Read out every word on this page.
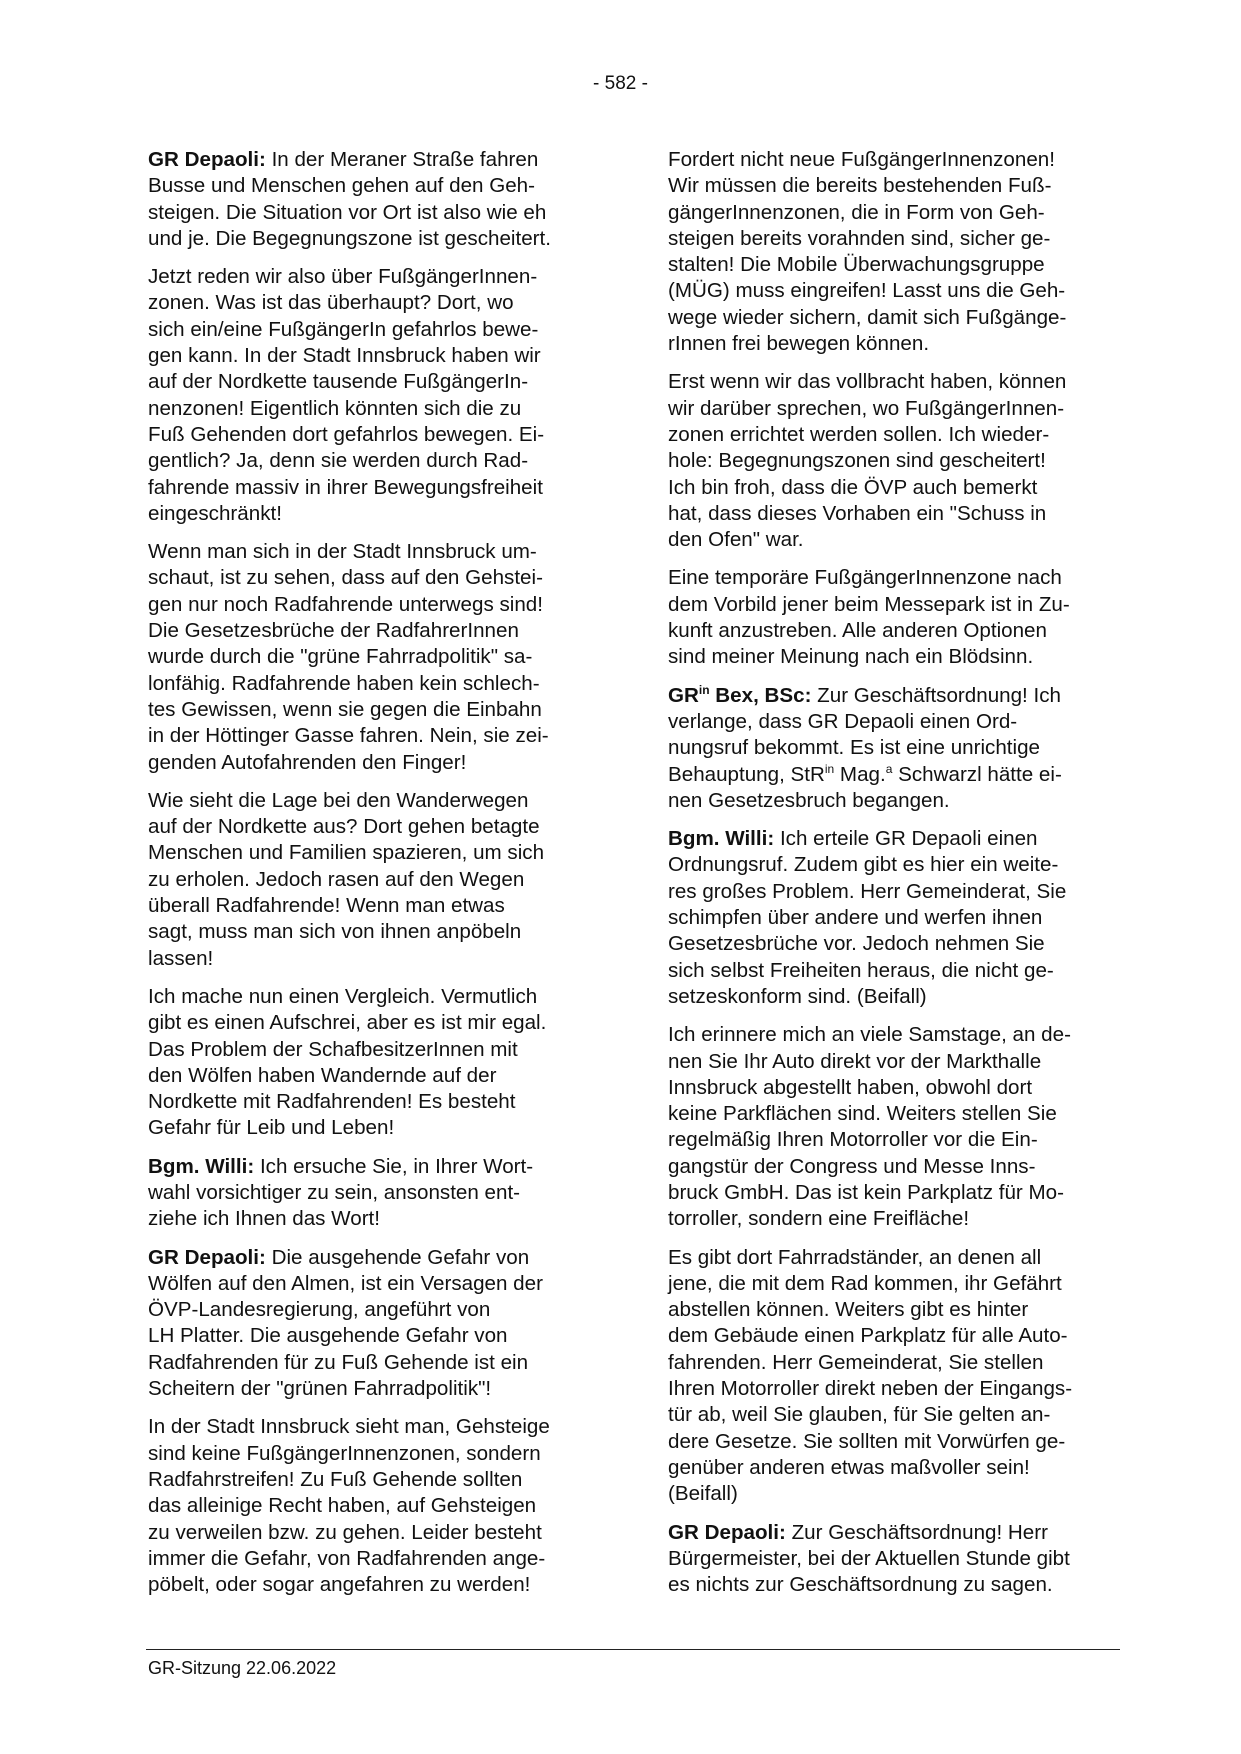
- 582 -

GR Depaoli: In der Meraner Straße fahren
Busse und Menschen gehen auf den Geh-
steigen. Die Situation vor Ort ist also wie eh
und je. Die Begegnungszone ist gescheitert.

Jetzt reden wir also über FußgängerInnen-
zonen. Was ist das überhaupt? Dort, wo
sich ein/eine FußgängerIn gefahrlos bewe-
gen kann. In der Stadt Innsbruck haben wir
auf der Nordkette tausende FußgängerIn-
nenzonen! Eigentlich könnten sich die zu
Fuß Gehenden dort gefahrlos bewegen. Ei-
gentlich? Ja, denn sie werden durch Rad-
fahrende massiv in ihrer Bewegungsfreiheit
eingeschränkt!

Wenn man sich in der Stadt Innsbruck um-
schaut, ist zu sehen, dass auf den Gehstei-
gen nur noch Radfahrende unterwegs sind!
Die Gesetzesbrüche der RadfahrerInnen
wurde durch die "grüne Fahrradpolitik" sa-
lonfähig. Radfahrende haben kein schlech-
tes Gewissen, wenn sie gegen die Einbahn
in der Höttinger Gasse fahren. Nein, sie zei-
genden Autofahrenden den Finger!

Wie sieht die Lage bei den Wanderwegen
auf der Nordkette aus? Dort gehen betagte
Menschen und Familien spazieren, um sich
zu erholen. Jedoch rasen auf den Wegen
überall Radfahrende! Wenn man etwas
sagt, muss man sich von ihnen anpöbeln
lassen!

Ich mache nun einen Vergleich. Vermutlich
gibt es einen Aufschrei, aber es ist mir egal.
Das Problem der SchafbesitzerInnen mit
den Wölfen haben Wandernde auf der
Nordkette mit Radfahrenden! Es besteht
Gefahr für Leib und Leben!

Bgm. Willi: Ich ersuche Sie, in Ihrer Wort-
wahl vorsichtiger zu sein, ansonsten ent-
ziehe ich Ihnen das Wort!

GR Depaoli: Die ausgehende Gefahr von
Wölfen auf den Almen, ist ein Versagen der
ÖVP-Landesregierung, angeführt von
LH Platter. Die ausgehende Gefahr von
Radfahrenden für zu Fuß Gehende ist ein
Scheitern der "grünen Fahrradpolitik"!

In der Stadt Innsbruck sieht man, Gehsteige
sind keine FußgängerInnenzonen, sondern
Radfahrstreifen! Zu Fuß Gehende sollten
das alleinige Recht haben, auf Gehsteigen
zu verweilen bzw. zu gehen. Leider besteht
immer die Gefahr, von Radfahrenden ange-
pöbelt, oder sogar angefahren zu werden!

Fordert nicht neue FußgängerInnenzonen!
Wir müssen die bereits bestehenden Fuß-
gängerInnenzonen, die in Form von Geh-
steigen bereits vorahnden sind, sicher ge-
stalten! Die Mobile Überwachungsgruppe
(MÜG) muss eingreifen! Lasst uns die Geh-
wege wieder sichern, damit sich Fußgänge-
rInnen frei bewegen können.

Erst wenn wir das vollbracht haben, können
wir darüber sprechen, wo FußgängerInnen-
zonen errichtet werden sollen. Ich wieder-
hole: Begegnungszonen sind gescheitert!
Ich bin froh, dass die ÖVP auch bemerkt
hat, dass dieses Vorhaben ein "Schuss in
den Ofen" war.

Eine temporäre FußgängerInnenzone nach
dem Vorbild jener beim Messepark ist in Zu-
kunft anzustreben. Alle anderen Optionen
sind meiner Meinung nach ein Blödsinn.

$GR^{in}$ Bex, BSc: Zur Geschäftsordnung! Ich
verlange, dass GR Depaoli einen Ord-
nungsruf bekommt. Es ist eine unrichtige
Behauptung, StR$^{in}$ Mag.$^a$ Schwarzl hätte ei-
nen Gesetzesbruch begangen.

Bgm. Willi: Ich erteile GR Depaoli einen
Ordnungsruf. Zudem gibt es hier ein weite-
res großes Problem. Herr Gemeinderat, Sie
schimpfen über andere und werfen ihnen
Gesetzesbrüche vor. Jedoch nehmen Sie
sich selbst Freiheiten heraus, die nicht ge-
setzeskonform sind. (Beifall)

Ich erinnere mich an viele Samstage, an de-
nen Sie Ihr Auto direkt vor der Markthalle
Innsbruck abgestellt haben, obwohl dort
keine Parkflächen sind. Weiters stellen Sie
regelmäßig Ihren Motorroller vor die Ein-
gangstür der Congress und Messe Inns-
bruck GmbH. Das ist kein Parkplatz für Mo-
torroller, sondern eine Freifläche!

Es gibt dort Fahrradständer, an denen all
jene, die mit dem Rad kommen, ihr Gefährt
abstellen können. Weiters gibt es hinter
dem Gebäude einen Parkplatz für alle Auto-
fahrenden. Herr Gemeinderat, Sie stellen
Ihren Motorroller direkt neben der Eingangs-
tür ab, weil Sie glauben, für Sie gelten an-
dere Gesetze. Sie sollten mit Vorwürfen ge-
genüber anderen etwas maßvoller sein!
(Beifall)

GR Depaoli: Zur Geschäftsordnung! Herr
Bürgermeister, bei der Aktuellen Stunde gibt
es nichts zur Geschäftsordnung zu sagen.

GR-Sitzung 22.06.2022
